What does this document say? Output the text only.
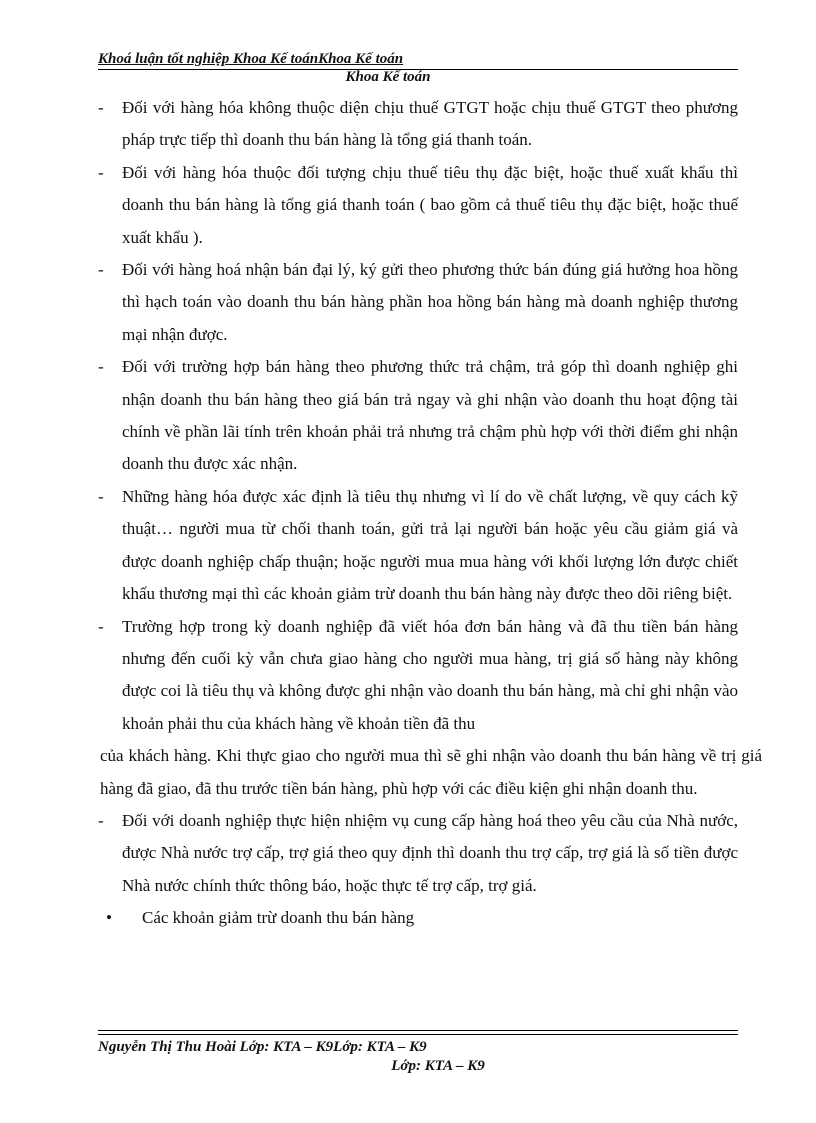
Khoá luận tốt nghiệp Khoa Kế toánKhoa Kế toán
Khoa Kế toán
-	Đối với hàng hóa không thuộc diện chịu thuế GTGT hoặc chịu thuế GTGT theo phương pháp trực tiếp thì doanh thu bán hàng là tổng giá thanh toán.
-	Đối với hàng hóa thuộc đối tượng chịu thuế tiêu thụ đặc biệt, hoặc thuế xuất khẩu thì doanh thu bán hàng là tổng giá thanh toán ( bao gồm cả thuế tiêu thụ đặc biệt, hoặc thuế xuất khẩu ).
-	Đối với hàng hoá nhận bán đại lý, ký gửi theo phương thức bán đúng giá hưởng hoa hồng thì hạch toán vào doanh thu bán hàng phần hoa hồng bán hàng mà doanh nghiệp thương mại nhận được.
-	Đối với trường hợp bán hàng theo phương thức trả chậm, trả góp thì doanh nghiệp ghi nhận doanh thu bán hàng theo giá bán trả ngay và ghi nhận vào doanh thu hoạt động tài chính về phần lãi tính trên khoản phải trả nhưng trả chậm phù hợp với thời điểm ghi nhận doanh thu được xác nhận.
-	Những hàng hóa được xác định là tiêu thụ nhưng vì lí do về chất lượng, về quy cách kỹ thuật… người mua từ chối thanh toán, gửi trả lại người bán hoặc yêu cầu giảm giá và được doanh nghiệp chấp thuận; hoặc người mua mua hàng với khối lượng lớn được chiết khấu thương mại thì các khoản giảm trừ doanh thu bán hàng này được theo dõi riêng biệt.
-	Trường hợp trong kỳ doanh nghiệp đã viết hóa đơn bán hàng và đã thu tiền bán hàng nhưng đến cuối kỳ vẫn chưa giao hàng cho người mua hàng, trị giá số hàng này không được coi là tiêu thụ và không được ghi nhận vào doanh thu bán hàng, mà chỉ ghi nhận vào khoản phải thu của khách hàng về khoản tiền đã thu
của khách hàng. Khi thực giao cho người mua thì sẽ ghi nhận vào doanh thu bán hàng về trị giá hàng đã giao, đã thu trước tiền bán hàng, phù hợp với các điều kiện ghi nhận doanh thu.
-	Đối với doanh nghiệp thực hiện nhiệm vụ cung cấp hàng hoá theo yêu cầu của Nhà nước, được Nhà nước trợ cấp, trợ giá theo quy định thì doanh thu trợ cấp, trợ giá là số tiền được Nhà nước chính thức thông báo, hoặc thực tế trợ cấp, trợ giá.
• Các khoản giảm trừ doanh thu bán hàng
Nguyễn Thị Thu Hoài Lớp: KTA – K9Lớp: KTA – K9
Lớp: KTA – K9
